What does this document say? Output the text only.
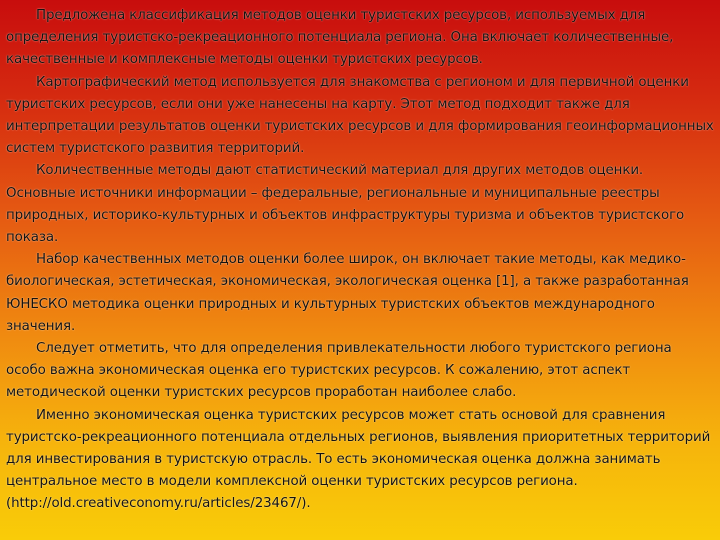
Предложена классификация методов оценки туристских ресурсов, используемых для определения туристско-рекреационного потенциала региона. Она включает количественные, качественные и комплексные методы оценки туристских ресурсов.

Картографический метод используется для знакомства с регионом и для первичной оценки туристских ресурсов, если они уже нанесены на карту. Этот метод подходит также для интерпретации результатов оценки туристских ресурсов и для формирования геоинформационных систем туристского развития территорий.

Количественные методы дают статистический материал для других методов оценки. Основные источники информации – федеральные, региональные и муниципальные реестры природных, историко-культурных и объектов инфраструктуры туризма и объектов туристского показа.

Набор качественных методов оценки более широк, он включает такие методы, как медико-биологическая, эстетическая, экономическая, экологическая оценка [1], а также разработанная ЮНЕСКО методика оценки природных и культурных туристских объектов международного значения.

Следует отметить, что для определения привлекательности любого туристского региона особо важна экономическая оценка его туристских ресурсов. К сожалению, этот аспект методической оценки туристских ресурсов проработан наиболее слабо.

Именно экономическая оценка туристских ресурсов может стать основой для сравнения туристско-рекреационного потенциала отдельных регионов, выявления приоритетных территорий для инвестирования в туристскую отрасль. То есть экономическая оценка должна занимать центральное место в модели комплексной оценки туристских ресурсов региона.

(http://old.creativeconomy.ru/articles/23467/).
